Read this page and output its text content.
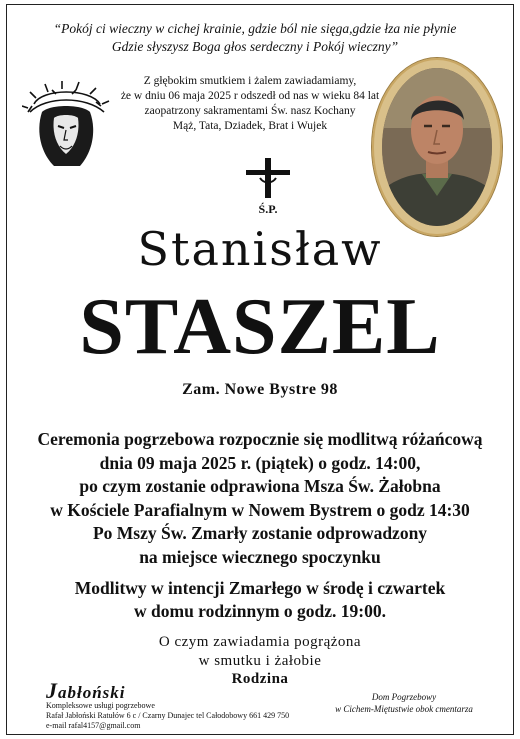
“Pokój ci wieczny w cichej krainie, gdzie ból nie sięga,gdzie łza nie płynie
Gdzie słyszysz Boga głos serdeczny i Pokój wieczny”
Z głębokim smutkiem i żalem zawiadamiamy,
że w dniu 06 maja 2025 r odszedł od nas w wieku 84 lat
zaopatrzony sakramentami Św. nasz Kochany
Mąż, Tata, Dziadek, Brat i Wujek
Ś.P.
Stanisław
STASZEL
Zam. Nowe Bystre 98
Ceremonia pogrzebowa rozpocznie się modlitwą różańcową
dnia 09 maja 2025 r. (piątek) o godz. 14:00,
po czym zostanie odprawiona Msza Św. Żałobna
w Kościele Parafialnym w Nowem Bystrem o godz 14:30
Po Mszy Św. Zmarły zostanie odprowadzony
na miejsce wiecznego spoczynku
Modlitwy w intencji Zmarłego w środę i czwartek
w domu rodzinnym o godz. 19:00.
O czym zawiadamia pogrążona
w smutku i żałobie
Rodzina
Jabłoński
Kompleksowe usługi pogrzebowe
Rafał Jabłoński Ratułów 6 c / Czarny Dunajec tel Całodobowy 661 429 750
e-mail rafal4157@gmail.com
Dom Pogrzebowy
w Cichem-Miętustwie obok cmentarza
